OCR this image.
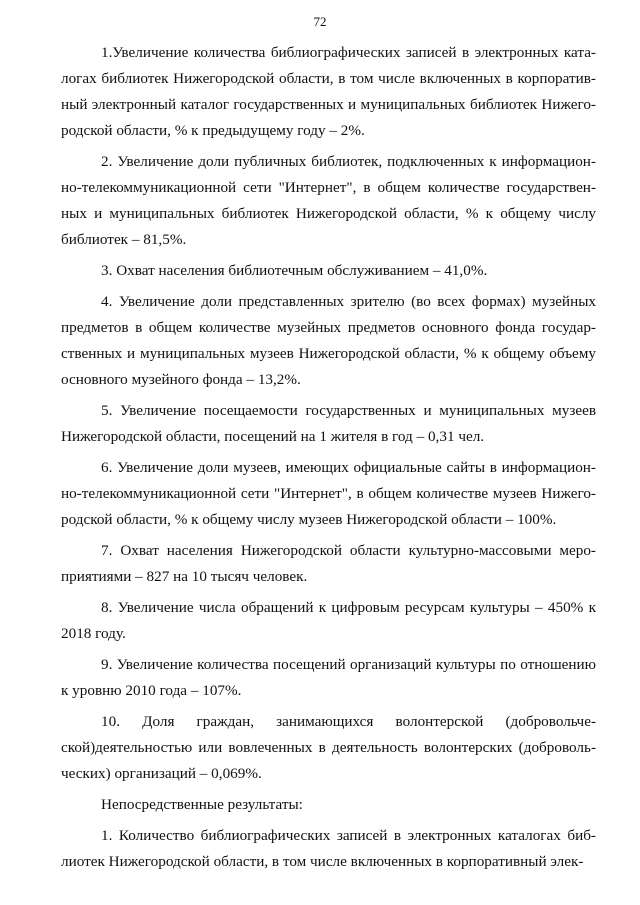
72
1.Увеличение количества библиографических записей в электронных ката-
логах библиотек Нижегородской области, в том числе включенных в корпоратив-
ный электронный каталог государственных и муниципальных библиотек Нижего-
родской области, % к предыдущему году – 2%.
2. Увеличение доли публичных библиотек, подключенных к информацион-
но-телекоммуникационной сети "Интернет", в общем количестве государствен-
ных и муниципальных библиотек Нижегородской области, % к общему числу
библиотек – 81,5%.
3. Охват населения библиотечным обслуживанием – 41,0%.
4. Увеличение доли представленных зрителю (во всех формах) музейных
предметов в общем количестве музейных предметов основного фонда государ-
ственных и муниципальных музеев Нижегородской области, % к общему объему
основного музейного фонда – 13,2%.
5. Увеличение посещаемости государственных и муниципальных музеев
Нижегородской области, посещений на 1 жителя в год – 0,31 чел.
6. Увеличение доли музеев, имеющих официальные сайты в информацион-
но-телекоммуникационной сети "Интернет", в общем количестве музеев Нижего-
родской области, % к общему числу музеев Нижегородской области – 100%.
7. Охват населения Нижегородской области культурно-массовыми меро-
приятиями – 827 на 10 тысяч человек.
8. Увеличение числа обращений к цифровым ресурсам культуры – 450% к
2018 году.
9. Увеличение количества посещений организаций культуры по отношению
к уровню 2010 года – 107%.
10. Доля граждан, занимающихся волонтерской (добровольче-
ской)деятельностью или вовлеченных в деятельность волонтерских (доброволь-
ческих) организаций – 0,069%.
Непосредственные результаты:
1. Количество библиографических записей в электронных каталогах биб-
лиотек Нижегородской области, в том числе включенных в корпоративный элек-
